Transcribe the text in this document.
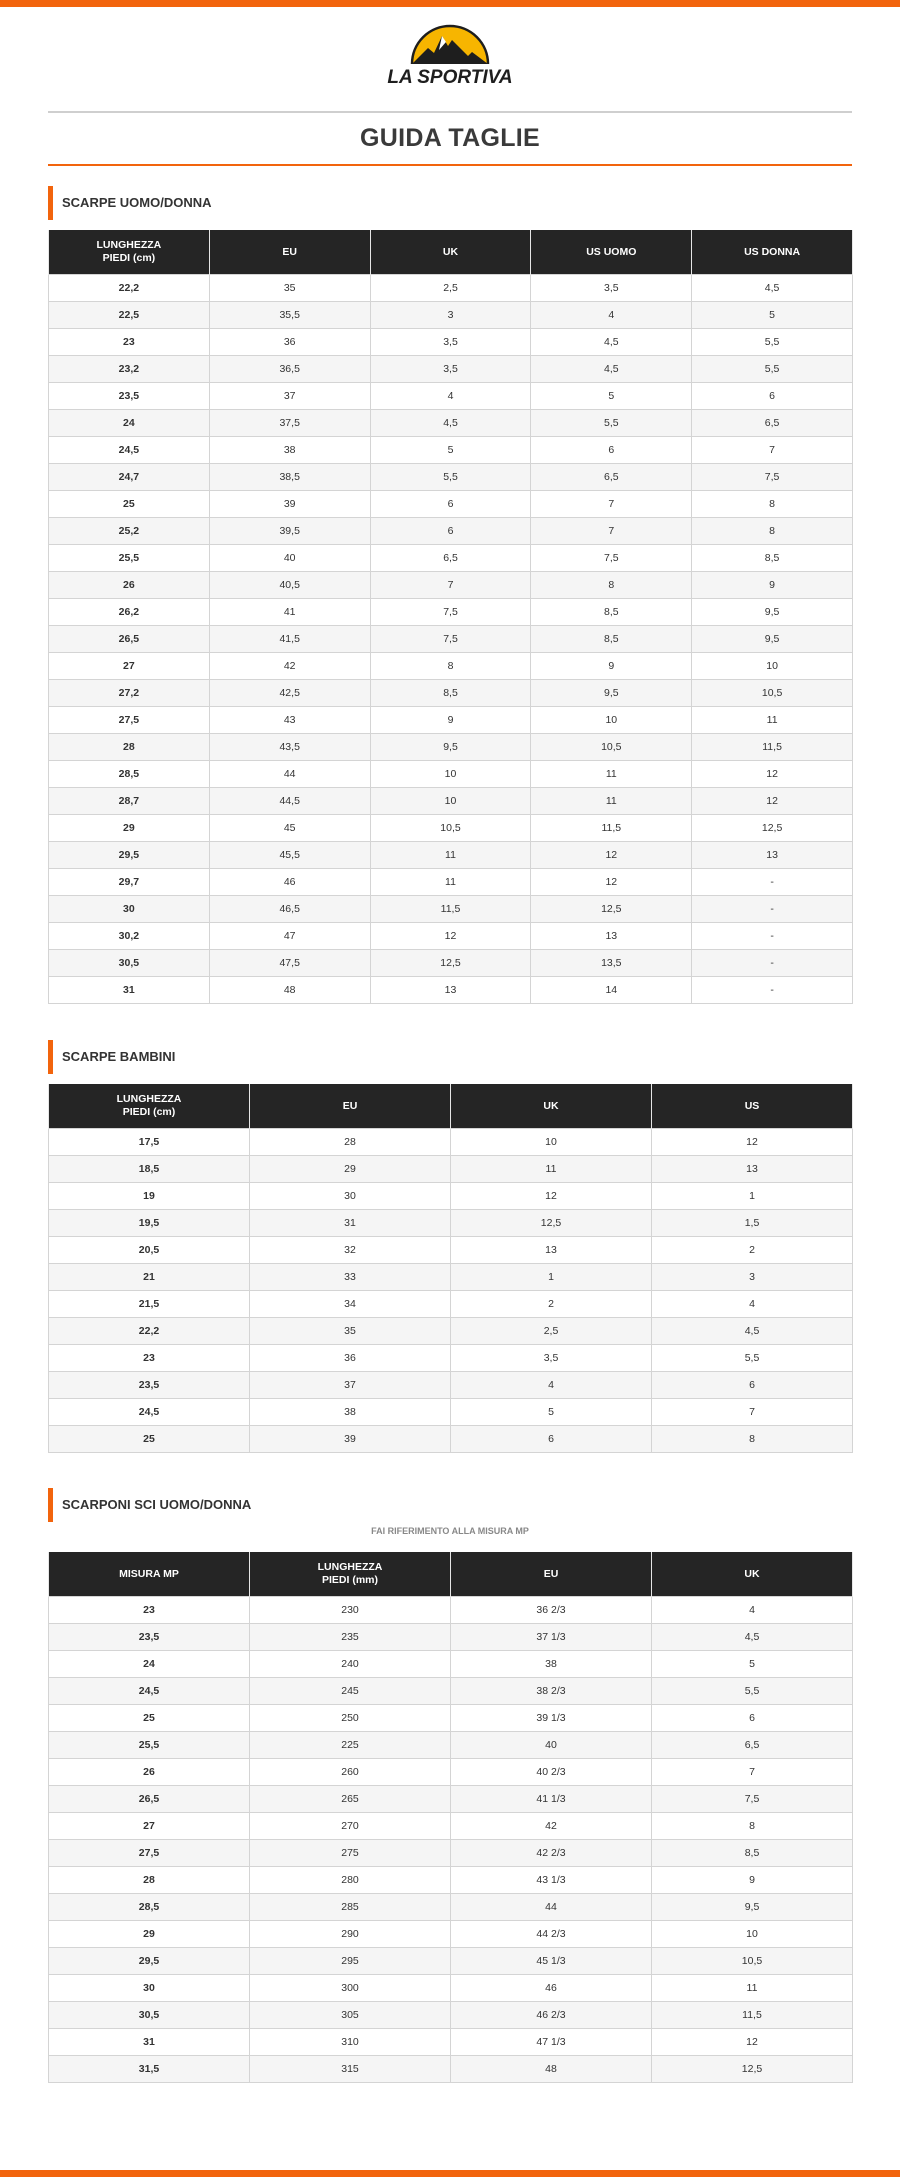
LA SPORTIVA
GUIDA TAGLIE
SCARPE UOMO/DONNA
LUNGHEZZA
PIEDI (cm)	EU	UK	US UOMO	US DONNA
22,2	35	2,5	3,5	4,5
22,5	35,5	3	4	5
23	36	3,5	4,5	5,5
23,2	36,5	3,5	4,5	5,5
23,5	37	4	5	6
24	37,5	4,5	5,5	6,5
24,5	38	5	6	7
24,7	38,5	5,5	6,5	7,5
25	39	6	7	8
25,2	39,5	6	7	8
25,5	40	6,5	7,5	8,5
26	40,5	7	8	9
26,2	41	7,5	8,5	9,5
26,5	41,5	7,5	8,5	9,5
27	42	8	9	10
27,2	42,5	8,5	9,5	10,5
27,5	43	9	10	11
28	43,5	9,5	10,5	11,5
28,5	44	10	11	12
28,7	44,5	10	11	12
29	45	10,5	11,5	12,5
29,5	45,5	11	12	13
29,7	46	11	12	-
30	46,5	11,5	12,5	-
30,2	47	12	13	-
30,5	47,5	12,5	13,5	-
31	48	13	14	-
SCARPE BAMBINI
LUNGHEZZA
PIEDI (cm)	EU	UK	US
17,5	28	10	12
18,5	29	11	13
19	30	12	1
19,5	31	12,5	1,5
20,5	32	13	2
21	33	1	3
21,5	34	2	4
22,2	35	2,5	4,5
23	36	3,5	5,5
23,5	37	4	6
24,5	38	5	7
25	39	6	8
SCARPONI SCI UOMO/DONNA
FAI RIFERIMENTO ALLA MISURA MP
MISURA MP	LUNGHEZZA
PIEDI (mm)	EU	UK
23	230	36 2/3	4
23,5	235	37 1/3	4,5
24	240	38	5
24,5	245	38 2/3	5,5
25	250	39 1/3	6
25,5	225	40	6,5
26	260	40 2/3	7
26,5	265	41 1/3	7,5
27	270	42	8
27,5	275	42 2/3	8,5
28	280	43 1/3	9
28,5	285	44	9,5
29	290	44 2/3	10
29,5	295	45 1/3	10,5
30	300	46	11
30,5	305	46 2/3	11,5
31	310	47 1/3	12
31,5	315	48	12,5
